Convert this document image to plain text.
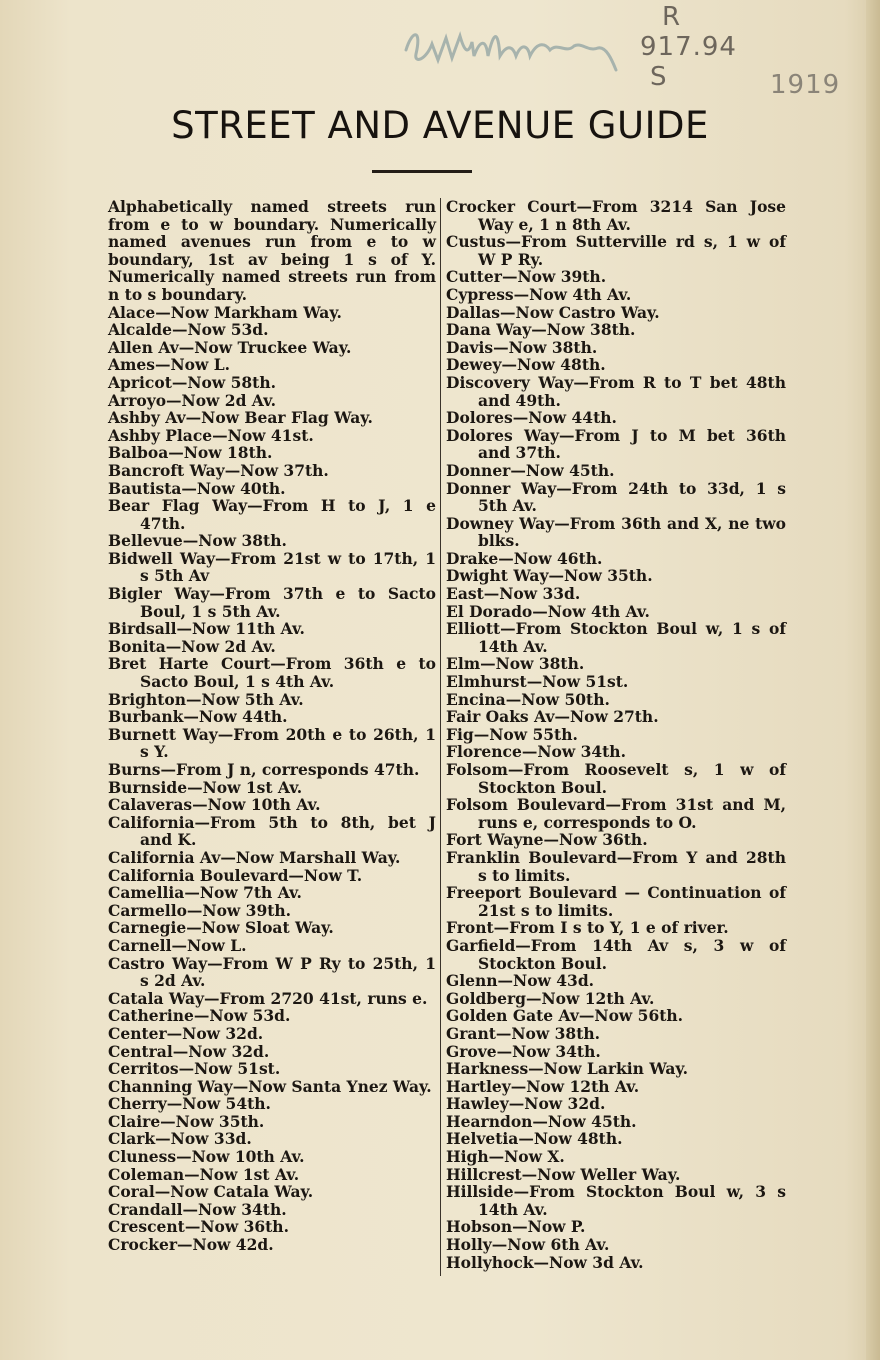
R
917.94
S	1919
STREET AND AVENUE GUIDE

Alphabetically named streets run from e to w boundary. Numerically named avenues run from e to w boundary, 1st av being 1 s of Y. Numerically named streets run from n to s boundary.

Alace—Now Markham Way.

Alcalde—Now 53d.

Allen Av—Now Truckee Way.

Ames—Now L.

Apricot—Now 58th.

Arroyo—Now 2d Av.

Ashby Av—Now Bear Flag Way.

Ashby Place—Now 41st.

Balboa—Now 18th.

Bancroft Way—Now 37th.

Bautista—Now 40th.

Bear Flag Way—From H to J, 1 e 47th.

Bellevue—Now 38th.

Bidwell Way—From 21st w to 17th, 1 s 5th Av

Bigler Way—From 37th e to Sacto Boul, 1 s 5th Av.

Birdsall—Now 11th Av.

Bonita—Now 2d Av.

Bret Harte Court—From 36th e to Sacto Boul, 1 s 4th Av.

Brighton—Now 5th Av.

Burbank—Now 44th.

Burnett Way—From 20th e to 26th, 1 s Y.

Burns—From J n, corresponds 47th.

Burnside—Now 1st Av.

Calaveras—Now 10th Av.

California—From 5th to 8th, bet J and K.

California Av—Now Marshall Way.

California Boulevard—Now T.

Camellia—Now 7th Av.

Carmello—Now 39th.

Carnegie—Now Sloat Way.

Carnell—Now L.

Castro Way—From W P Ry to 25th, 1 s 2d Av.

Catala Way—From 2720 41st, runs e.

Catherine—Now 53d.

Center—Now 32d.

Central—Now 32d.

Cerritos—Now 51st.

Channing Way—Now Santa Ynez Way.

Cherry—Now 54th.

Claire—Now 35th.

Clark—Now 33d.

Cluness—Now 10th Av.

Coleman—Now 1st Av.

Coral—Now Catala Way.

Crandall—Now 34th.

Crescent—Now 36th.

Crocker—Now 42d.

Crocker Court—From 3214 San Jose Way e, 1 n 8th Av.

Custus—From Sutterville rd s, 1 w of W P Ry.

Cutter—Now 39th.

Cypress—Now 4th Av.

Dallas—Now Castro Way.

Dana Way—Now 38th.

Davis—Now 38th.

Dewey—Now 48th.

Discovery Way—From R to T bet 48th and 49th.

Dolores—Now 44th.

Dolores Way—From J to M bet 36th and 37th.

Donner—Now 45th.

Donner Way—From 24th to 33d, 1 s 5th Av.

Downey Way—From 36th and X, ne two blks.

Drake—Now 46th.

Dwight Way—Now 35th.

East—Now 33d.

El Dorado—Now 4th Av.

Elliott—From Stockton Boul w, 1 s of 14th Av.

Elm—Now 38th.

Elmhurst—Now 51st.

Encina—Now 50th.

Fair Oaks Av—Now 27th.

Fig—Now 55th.

Florence—Now 34th.

Folsom—From Roosevelt s, 1 w of Stockton Boul.

Folsom Boulevard—From 31st and M, runs e, corresponds to O.

Fort Wayne—Now 36th.

Franklin Boulevard—From Y and 28th s to limits.

Freeport Boulevard — Continuation of 21st s to limits.

Front—From I s to Y, 1 e of river.

Garfield—From 14th Av s, 3 w of Stockton Boul.

Glenn—Now 43d.

Goldberg—Now 12th Av.

Golden Gate Av—Now 56th.

Grant—Now 38th.

Grove—Now 34th.

Harkness—Now Larkin Way.

Hartley—Now 12th Av.

Hawley—Now 32d.

Hearndon—Now 45th.

Helvetia—Now 48th.

High—Now X.

Hillcrest—Now Weller Way.

Hillside—From Stockton Boul w, 3 s 14th Av.

Hobson—Now P.

Holly—Now 6th Av.

Hollyhock—Now 3d Av.
